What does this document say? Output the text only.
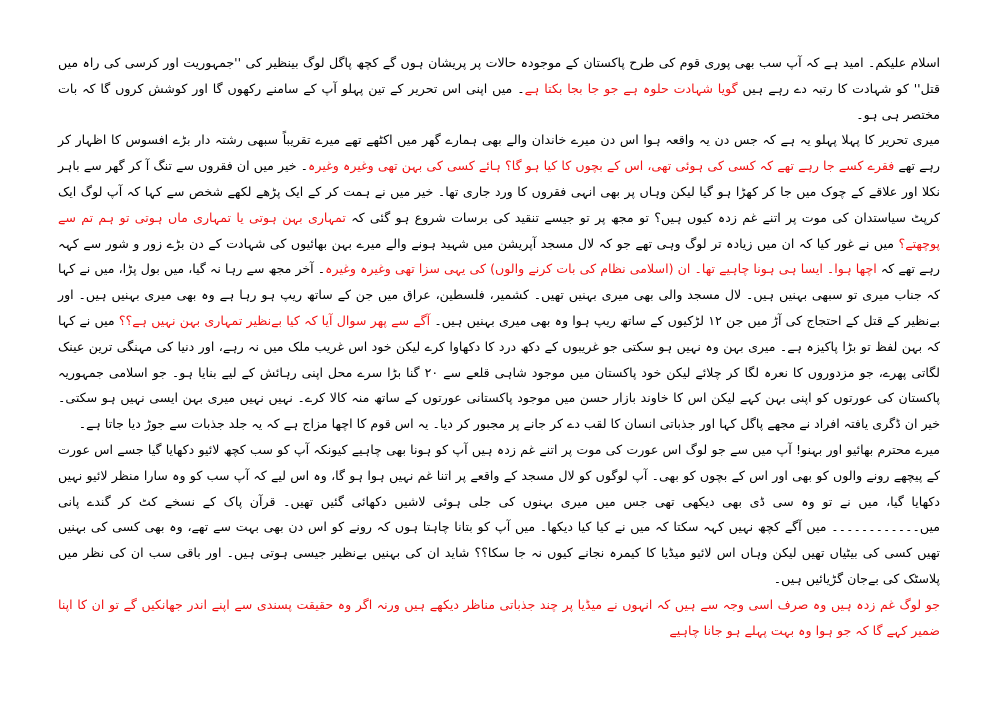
اسلام علیکم۔ امید ہے کہ آپ سب بھی پوری قوم کی طرح پاکستان کے موجودہ حالات پر پریشان ہوں گے کچھ پاگل لوگ بینظیر کی ''جمہوریت اور کرسی کی راہ میں قتل'' کو شہادت کا رتبہ دے رہے ہیں گویا شہادت حلوہ ہے جو جا بجا بکتا ہے۔ میں اپنی اس تحریر کے تین پہلو آپ کے سامنے رکھوں گا اور کوشش کروں گا کہ بات مختصر ہی ہو۔

میری تحریر کا پہلا پہلو یہ ہے کہ جس دن یہ واقعہ ہوا اس دن میرے خاندان والے بھی ہمارے گھر میں اکٹھے تھے میرے تقریباً سبھی رشتہ دار بڑے افسوس کا اظہار کر رہے تھے فقرے کسے جا رہے تھے کہ کسی کی ہوئی تھی، اس کے بچوں کا کیا ہو گا؟ ہائے کسی کی بہن تھی وغیرہ وغیرہ۔ خیر میں ان فقروں سے تنگ آ کر گھر سے باہر نکلا اور علاقے کے چوک میں جا کر کھڑا ہو گیا لیکن وہاں پر بھی انہی فقروں کا ورد جاری تھا۔ خیر میں نے ہمت کر کے ایک پڑھے لکھے شخص سے کہا کہ آپ لوگ ایک کرپٹ سیاستدان کی موت پر اتنے غم زدہ کیوں ہیں؟ تو مجھ پر تو جیسے تنقید کی برسات شروع ہو گئی کہ تمہاری بہن ہوتی یا تمہاری ماں ہوتی تو ہم تم سے پوچھتے؟ میں نے غور کیا کہ ان میں زیادہ تر لوگ وہی تھے جو کہ لال مسجد آپریشن میں شہید ہونے والے میرے بہن بھائیوں کی شہادت کے دن بڑے زور و شور سے کہہ رہے تھے کہ اچھا ہوا۔ ایسا ہی ہونا چاہیے تھا۔ ان (اسلامی نظام کی بات کرنے والوں) کی یہی سزا تھی وغیرہ وغیرہ۔ آخر مجھ سے رہا نہ گیا، میں بول پڑا، میں نے کہا کہ جناب میری تو سبھی بہنیں ہیں۔ لال مسجد والی بھی میری بہنیں تھیں۔ کشمیر، فلسطین، عراق میں جن کے ساتھ ریپ ہو رہا ہے وہ بھی میری بہنیں ہیں۔ اور بےنظیر کے قتل کے احتجاج کی آڑ میں جن ۱۲ لڑکیوں کے ساتھ ریپ ہوا وہ بھی میری بہنیں ہیں۔ آگے سے پھر سوال آیا کہ کیا بےنظیر تمہاری بہن نہیں ہے؟؟ میں نے کہا کہ بہن لفظ تو بڑا پاکیزہ ہے۔ میری بہن وہ نہیں ہو سکتی جو غریبوں کے دکھ درد کا دکھاوا کرے لیکن خود اس غریب ملک میں نہ رہے، اور دنیا کی مہنگی ترین عینک لگاتی پھرے، جو مزدوروں کا نعرہ لگا کر چلائے لیکن خود پاکستان میں موجود شاہی قلعے سے ۲۰ گنا بڑا سرے محل اپنی رہائش کے لیے بنایا ہو۔ جو اسلامی جمہوریہ پاکستان کی عورتوں کو اپنی بہن کہے لیکن اس کا خاوند بازار حسن میں موجود پاکستانی عورتوں کے ساتھ منہ کالا کرے۔ نہیں نہیں میری بہن ایسی نہیں ہو سکتی۔ خیر ان ڈگری یافتہ افراد نے مجھے پاگل کہا اور جذباتی انسان کا لقب دے کر جانے پر مجبور کر دیا۔ یہ اس قوم کا اچھا مزاج ہے کہ یہ جلد جذبات سے جوڑ دیا جاتا ہے۔

میرے محترم بھائیو اور بہنو! آپ میں سے جو لوگ اس عورت کی موت پر اتنے غم زدہ ہیں آپ کو ہونا بھی چاہیے کیونکہ آپ کو سب کچھ لائیو دکھایا گیا جسے اس عورت کے پیچھے رونے والوں کو بھی اور اس کے بچوں کو بھی۔ آپ لوگوں کو لال مسجد کے واقعے پر اتنا غم نہیں ہوا ہو گا، وہ اس لیے کہ آپ سب کو وہ سارا منظر لائیو نہیں دکھایا گیا، میں نے تو وہ سی ڈی بھی دیکھی تھی جس میں میری بہنوں کی جلی ہوئی لاشیں دکھائی گئیں تھیں۔ قرآن پاک کے نسخے کٹ کر گندے پانی میں۔۔۔۔۔۔۔۔۔۔۔۔ میں آگے کچھ نہیں کہہ سکتا کہ میں نے کیا کیا دیکھا۔ میں آپ کو بتانا چاہتا ہوں کہ رونے کو اس دن بھی بہت سے تھے، وہ بھی کسی کی بہنیں تھیں کسی کی بیٹیاں تھیں لیکن وہاں اس لائیو میڈیا کا کیمرہ نجانے کیوں نہ جا سکا؟؟ شاید ان کی بہنیں بےنظیر جیسی ہوتی ہیں۔ اور باقی سب ان کی نظر میں پلاسٹک کی بےجان گڑیائیں ہیں۔

جو لوگ غم زدہ ہیں وہ صرف اسی وجہ سے ہیں کہ انہوں نے میڈیا پر چند جذباتی مناظر دیکھے ہیں ورنہ اگر وہ حقیقت پسندی سے اپنے اندر جھانکیں گے تو ان کا اپنا ضمیر کہے گا کہ جو ہوا وہ بہت پہلے ہو جانا چاہیے
